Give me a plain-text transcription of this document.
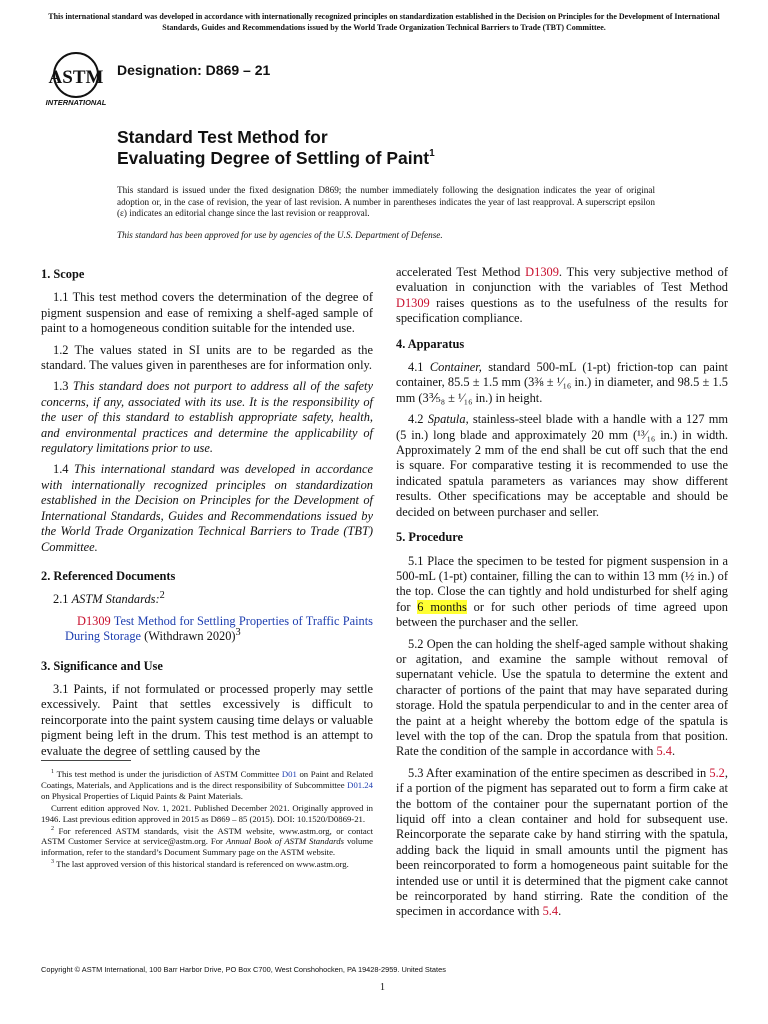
This international standard was developed in accordance with internationally recognized principles on standardization established in the Decision on Principles for the Development of International Standards, Guides and Recommendations issued by the World Trade Organization Technical Barriers to Trade (TBT) Committee.
ASTM
INTERNATIONAL
Designation: D869 – 21
Standard Test Method for
Evaluating Degree of Settling of Paint$^1$
This standard is issued under the fixed designation D869; the number immediately following the designation indicates the year of original adoption or, in the case of revision, the year of last revision. A number in parentheses indicates the year of last reapproval. A superscript epsilon (ε) indicates an editorial change since the last revision or reapproval.
This standard has been approved for use by agencies of the U.S. Department of Defense.
1. Scope

1.1 This test method covers the determination of the degree of pigment suspension and ease of remixing a shelf-aged sample of paint to a homogeneous condition suitable for the intended use.

1.2 The values stated in SI units are to be regarded as the standard. The values given in parentheses are for information only.

1.3 This standard does not purport to address all of the safety concerns, if any, associated with its use. It is the responsibility of the user of this standard to establish appropriate safety, health, and environmental practices and determine the applicability of regulatory limitations prior to use.

1.4 This international standard was developed in accordance with internationally recognized principles on standardization established in the Decision on Principles for the Development of International Standards, Guides and Recommendations issued by the World Trade Organization Technical Barriers to Trade (TBT) Committee.

2. Referenced Documents

2.1 ASTM Standards:$^2$

D1309 Test Method for Settling Properties of Traffic Paints During Storage (Withdrawn 2020)$^3$

3. Significance and Use

3.1 Paints, if not formulated or processed properly may settle excessively. Paint that settles excessively is difficult to reincorporate into the paint system causing time delays or valuable pigment being left in the drum. This test method is an attempt to evaluate the degree of settling caused by the

accelerated Test Method D1309. This very subjective method of evaluation in conjunction with the variables of Test Method D1309 raises questions as to the usefulness of the results for specification compliance.

4. Apparatus

4.1 Container, standard 500-mL (1-pt) friction-top can paint container, 85.5 ± 1.5 mm (3⅜ ± ¹⁄₁₆ in.) in diameter, and 98.5 ± 1.5 mm (3⅗₈ ± ¹⁄₁₆ in.) in height.

4.2 Spatula, stainless-steel blade with a handle with a 127 mm (5 in.) long blade and approximately 20 mm (¹³⁄₁₆ in.) in width. Approximately 2 mm of the end shall be cut off such that the end is square. For comparative testing it is recommended to use the indicated spatula parameters as variances may show different results. Other specifications may be acceptable and should be decided on between purchaser and seller.

5. Procedure

5.1 Place the specimen to be tested for pigment suspension in a 500-mL (1-pt) container, filling the can to within 13 mm (½ in.) of the top. Close the can tightly and hold undisturbed for shelf aging for 6 months or for such other periods of time agreed upon between the purchaser and the seller.

5.2 Open the can holding the shelf-aged sample without shaking or agitation, and examine the sample without removal of supernatant vehicle. Use the spatula to determine the extent and character of portions of the paint that may have separated during storage. Hold the spatula perpendicular to and in the center area of the paint at a height whereby the bottom edge of the spatula is level with the top of the can. Drop the spatula from that position. Rate the condition of the sample in accordance with 5.4.

5.3 After examination of the entire specimen as described in 5.2, if a portion of the pigment has separated out to form a firm cake at the bottom of the container pour the supernatant portion of the liquid off into a clean container and hold for subsequent use. Reincorporate the separate cake by hand stirring with the spatula, adding back the liquid in small amounts until the pigment has been reincorporated to form a homogeneous paint suitable for the intended use or until it is determined that the pigment cake cannot be reincorporated by hand stirring. Rate the condition of the specimen in accordance with 5.4.

$^1$ This test method is under the jurisdiction of ASTM Committee D01 on Paint and Related Coatings, Materials, and Applications and is the direct responsibility of Subcommittee D01.24 on Physical Properties of Liquid Paints & Paint Materials.

Current edition approved Nov. 1, 2021. Published December 2021. Originally approved in 1946. Last previous edition approved in 2015 as D869 – 85 (2015). DOI: 10.1520/D0869-21.

$^2$ For referenced ASTM standards, visit the ASTM website, www.astm.org, or contact ASTM Customer Service at service@astm.org. For Annual Book of ASTM Standards volume information, refer to the standard’s Document Summary page on the ASTM website.

$^3$ The last approved version of this historical standard is referenced on www.astm.org.

Copyright © ASTM International, 100 Barr Harbor Drive, PO Box C700, West Conshohocken, PA 19428-2959. United States
1
